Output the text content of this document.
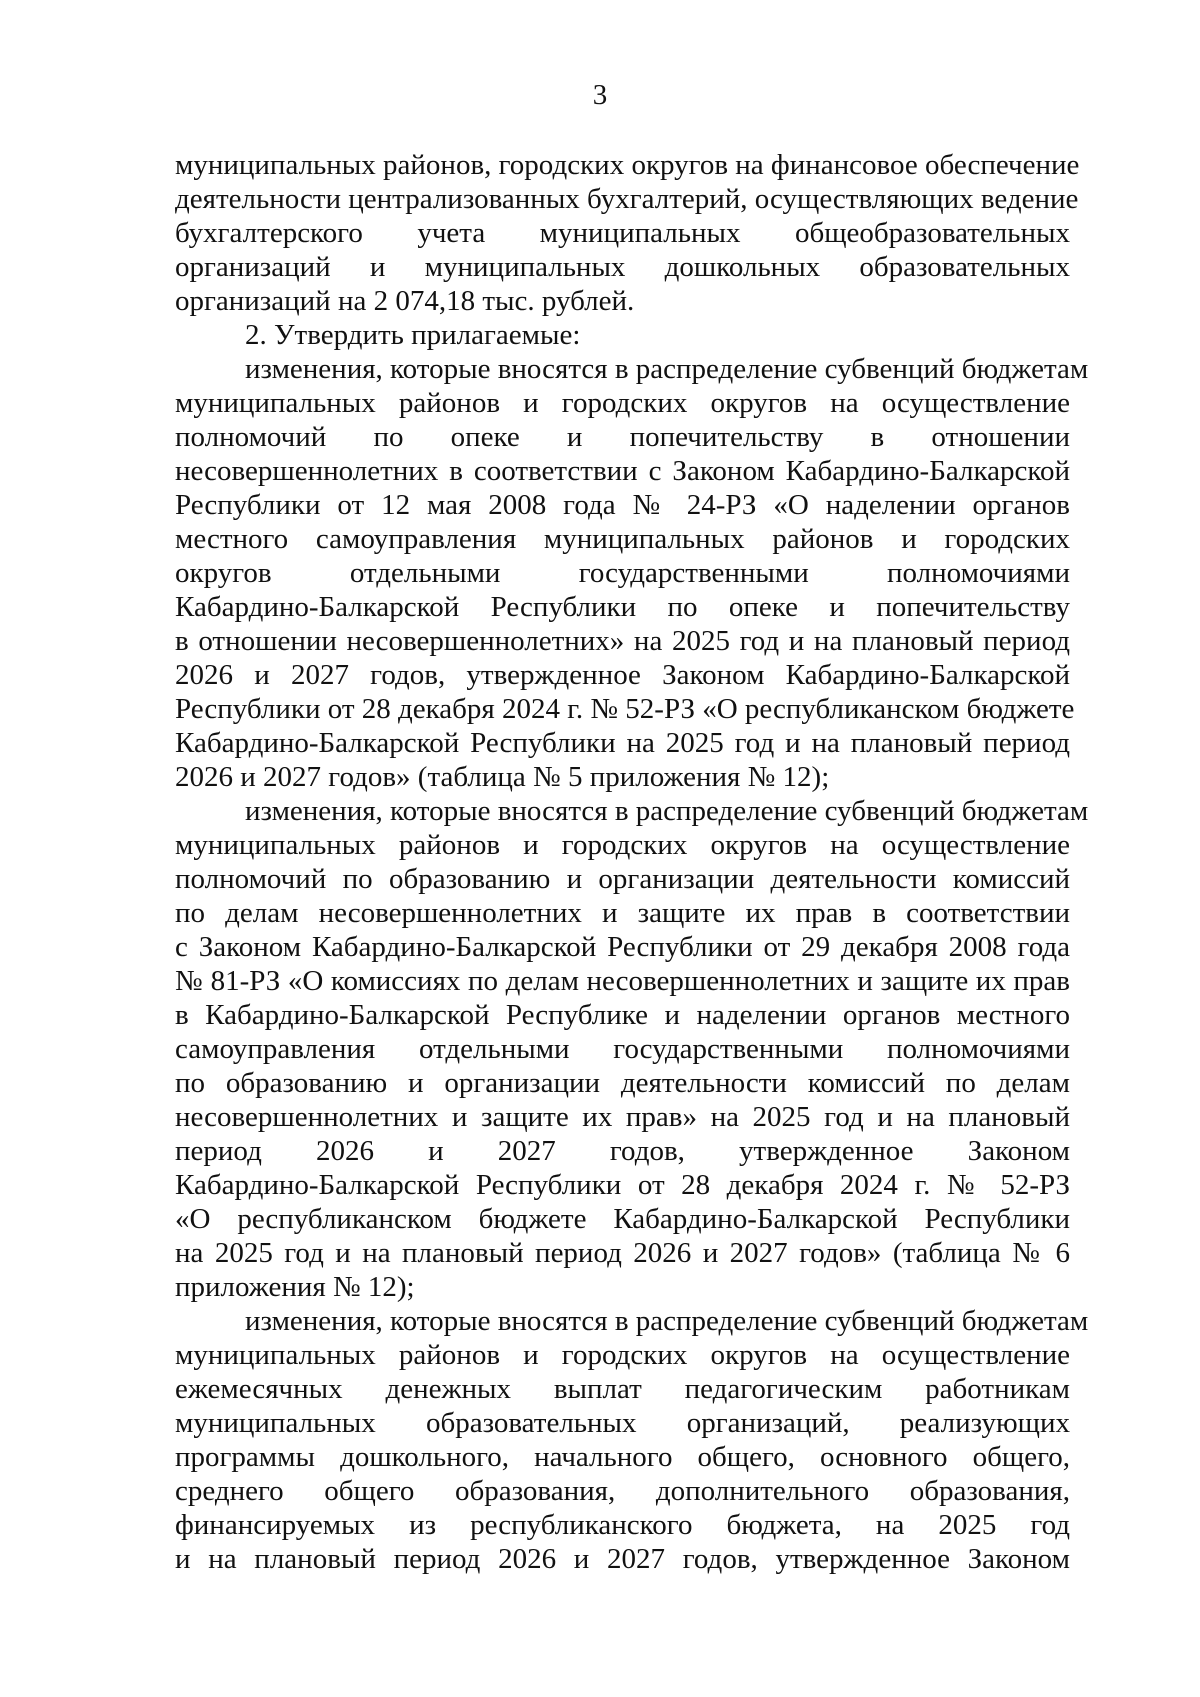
3
муниципальных районов, городских округов на финансовое обеспечение
деятельности централизованных бухгалтерий, осуществляющих ведение
бухгалтерского учета муниципальных общеобразовательных
организаций и муниципальных дошкольных образовательных
организаций на 2 074,18 тыс. рублей.
2. Утвердить прилагаемые:
изменения, которые вносятся в распределение субвенций бюджетам
муниципальных районов и городских округов на осуществление
полномочий по опеке и попечительству в отношении
несовершеннолетних в соответствии с Законом Кабардино-Балкарской
Республики от 12 мая 2008 года № 24-РЗ «О наделении органов
местного самоуправления муниципальных районов и городских
округов отдельными государственными полномочиями
Кабардино-Балкарской Республики по опеке и попечительству
в отношении несовершеннолетних» на 2025 год и на плановый период
2026 и 2027 годов, утвержденное Законом Кабардино-Балкарской
Республики от 28 декабря 2024 г. № 52-РЗ «О республиканском бюджете
Кабардино-Балкарской Республики на 2025 год и на плановый период
2026 и 2027 годов» (таблица № 5 приложения № 12);
изменения, которые вносятся в распределение субвенций бюджетам
муниципальных районов и городских округов на осуществление
полномочий по образованию и организации деятельности комиссий
по делам несовершеннолетних и защите их прав в соответствии
с Законом Кабардино-Балкарской Республики от 29 декабря 2008 года
№ 81-РЗ «О комиссиях по делам несовершеннолетних и защите их прав
в Кабардино-Балкарской Республике и наделении органов местного
самоуправления отдельными государственными полномочиями
по образованию и организации деятельности комиссий по делам
несовершеннолетних и защите их прав» на 2025 год и на плановый
период 2026 и 2027 годов, утвержденное Законом
Кабардино-Балкарской Республики от 28 декабря 2024 г. № 52-РЗ
«О республиканском бюджете Кабардино-Балкарской Республики
на 2025 год и на плановый период 2026 и 2027 годов» (таблица № 6
приложения № 12);
изменения, которые вносятся в распределение субвенций бюджетам
муниципальных районов и городских округов на осуществление
ежемесячных денежных выплат педагогическим работникам
муниципальных образовательных организаций, реализующих
программы дошкольного, начального общего, основного общего,
среднего общего образования, дополнительного образования,
финансируемых из республиканского бюджета, на 2025 год
и на плановый период 2026 и 2027 годов, утвержденное Законом
